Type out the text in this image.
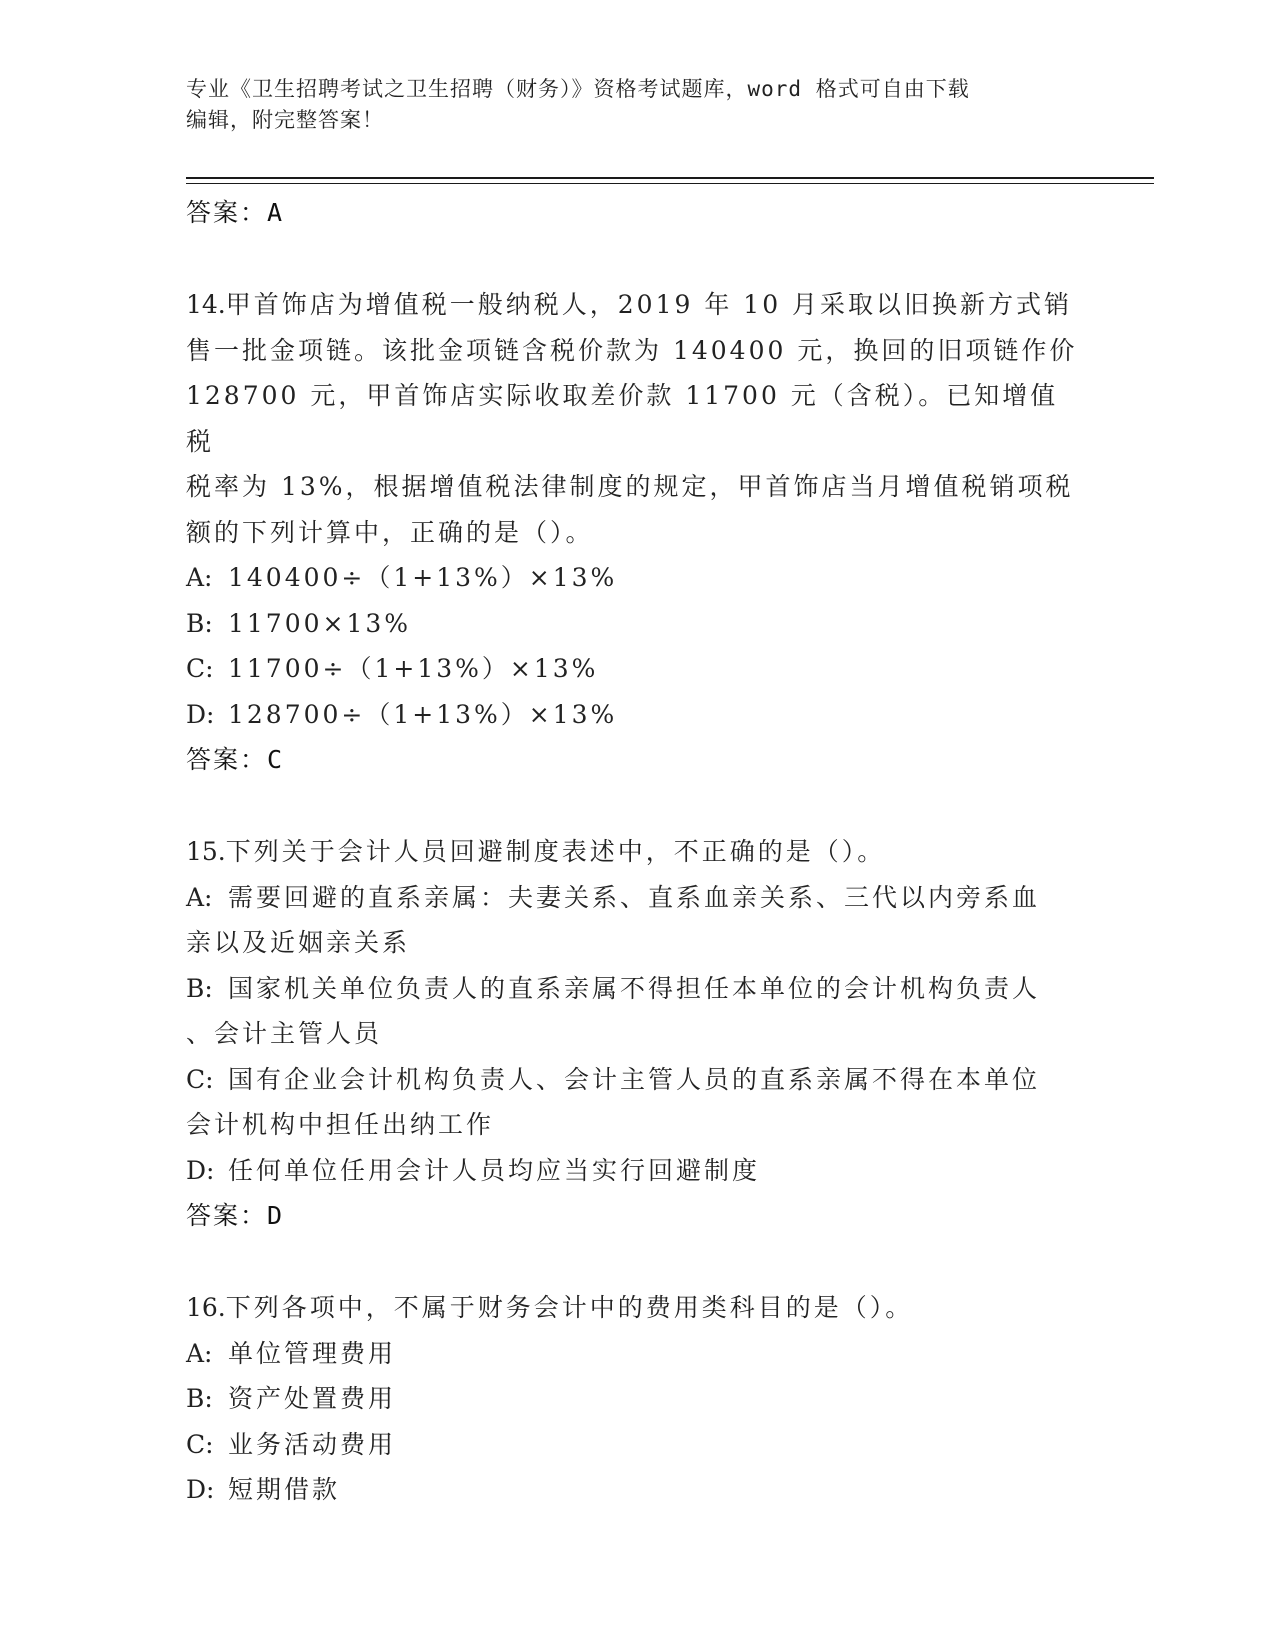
专业《卫生招聘考试之卫生招聘（财务）》资格考试题库，word 格式可自由下载
编辑，附完整答案！
答案：A
14.甲首饰店为增值税一般纳税人，2019 年 10 月采取以旧换新方式销
售一批金项链。该批金项链含税价款为 140400 元，换回的旧项链作价
128700 元，甲首饰店实际收取差价款 11700 元（含税）。已知增值税
税率为 13%，根据增值税法律制度的规定，甲首饰店当月增值税销项税
额的下列计算中，正确的是（）。
A: 140400÷（1+13%）×13%
B: 11700×13%
C: 11700÷（1+13%）×13%
D: 128700÷（1+13%）×13%
答案：C
15.下列关于会计人员回避制度表述中，不正确的是（）。
A: 需要回避的直系亲属：夫妻关系、直系血亲关系、三代以内旁系血
亲以及近姻亲关系
B: 国家机关单位负责人的直系亲属不得担任本单位的会计机构负责人
、会计主管人员
C: 国有企业会计机构负责人、会计主管人员的直系亲属不得在本单位
会计机构中担任出纳工作
D: 任何单位任用会计人员均应当实行回避制度
答案：D
16.下列各项中，不属于财务会计中的费用类科目的是（）。
A: 单位管理费用
B: 资产处置费用
C: 业务活动费用
D: 短期借款
